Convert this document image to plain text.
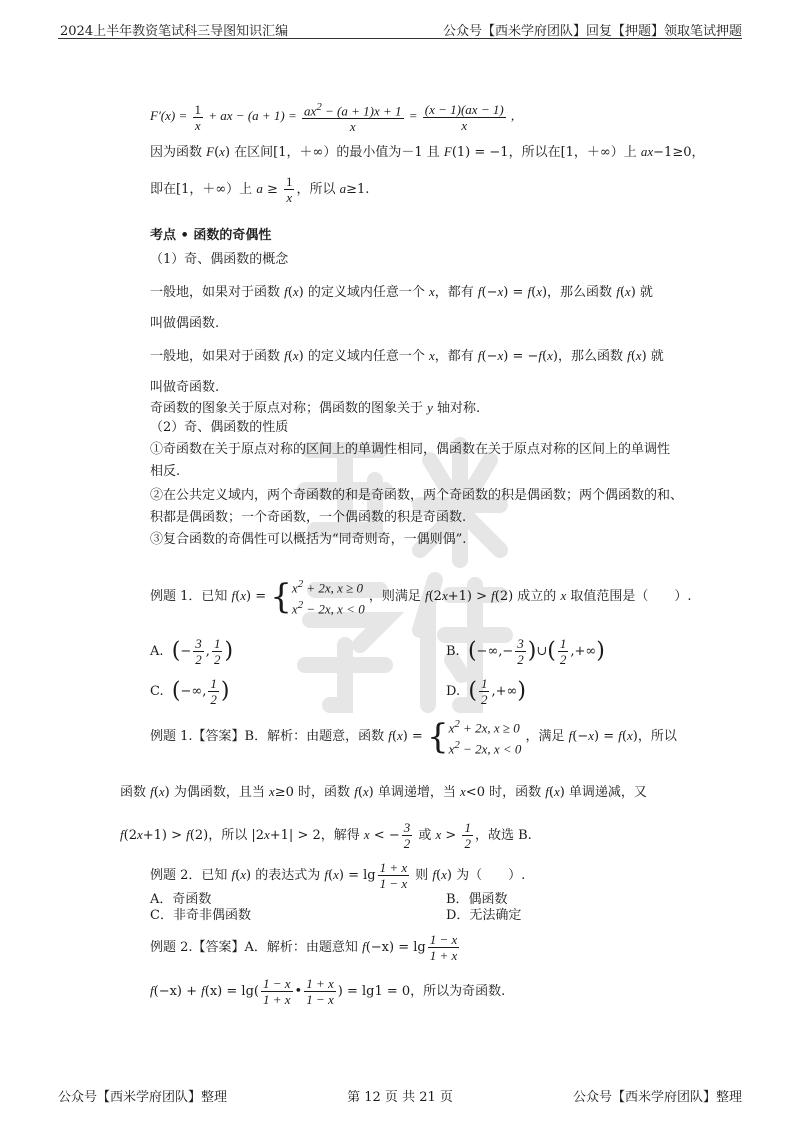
2024上半年教资笔试科三导图知识汇编	公众号【西米学府团队】回复【押题】领取笔试押题
$F'(x) = \frac{1}{x}$ + ax − $(a + 1) = \frac{ax^2 - (a + 1)x + 1}{x} = \frac{(x - 1)(ax - 1)}{x}$ ,
因为函数 F(x) 在区间[1，＋∞）的最小值为－1 且 F(1) = −1，所以在[1，＋∞）上 ax−1≥0，
即在[1，＋∞）上 $a \ge \frac{1}{x}$ ，所以 a≥1.
考点 • 函数的奇偶性
（1）奇、偶函数的概念
一般地，如果对于函数 f(x) 的定义域内任意一个 x，都有 f(−x) = f(x)，那么函数 f(x) 就
叫做偶函数.
一般地，如果对于函数 f(x) 的定义域内任意一个 x，都有 f(−x) = −f(x)，那么函数 f(x) 就
叫做奇函数.
奇函数的图象关于原点对称；偶函数的图象关于 y 轴对称.
（2）奇、偶函数的性质
①奇函数在关于原点对称的区间上的单调性相同，偶函数在关于原点对称的区间上的单调性
相反.
②在公共定义域内，两个奇函数的和是奇函数，两个奇函数的积是偶函数；两个偶函数的和、
积都是偶函数；一个奇函数，一个偶函数的积是奇函数.
③复合函数的奇偶性可以概括为“同奇则奇，一偶则偶”.
例题 1．已知 $f(x) = \{x^2 + 2x$, x ≥ 0
$x^2 - 2x$, x < 0 ，则满足 f(2x+1) > f(2) 成立的 x 取值范围是（　　）.
A.  (− $\frac{3}{2}$ , $\frac{1}{2}$ )	B.  (−∞,− $\frac{3}{2}$ )∪( $\frac{1}{2}$ ,+∞)
C.  (−∞, $\frac{1}{2}$ )	D.  ( $\frac{1}{2}$ ,+∞)
例题 1.【答案】B．解析：由题意，函数 $f(x) = \{x^2 + 2x$, x ≥ 0
$x^2 - 2x$, x < 0 ，满足 f(−x) = f(x)，所以
函数 f(x) 为偶函数，且当 x≥0 时，函数 f(x) 单调递增，当 x<0 时，函数 f(x) 单调递减，又
f(2x+1) > f(2)，所以 |2x+1| > 2，解得 x < − $\frac{3}{2}$ 或 $x > \frac{1}{2}$ ，故选 B.
例题 2．已知 f(x) 的表达式为 $f(x) = \lg \frac{1 + x}{1 - x}$ 则 f(x) 为（　　）.
A．奇函数	B．偶函数
C．非奇非偶函数	D．无法确定
例题 2.【答案】A．解析：由题意知 $f(-x) = \lg \frac{1 - x}{1 + x}$
$f(-x) + f(x) = \lg( \frac{1 - x}{1 + x}$ • $\frac{1 + x}{1 - x}$ ) = lg1 = 0，所以为奇函数.
公众号【西米学府团队】整理	第 12 页 共 21 页	公众号【西米学府团队】整理
